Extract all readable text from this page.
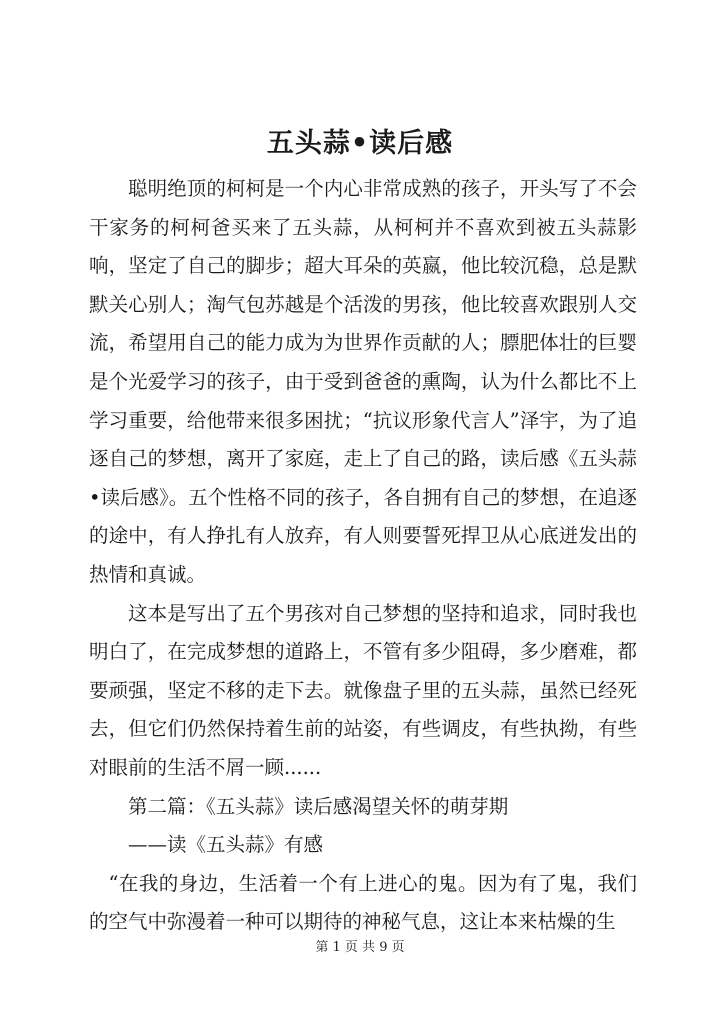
五头蒜•读后感

聪明绝顶的柯柯是一个内心非常成熟的孩子，开头写了不会干家务的柯柯爸买来了五头蒜，从柯柯并不喜欢到被五头蒜影响，坚定了自己的脚步；超大耳朵的英嬴，他比较沉稳，总是默默关心别人；淘气包苏越是个活泼的男孩，他比较喜欢跟别人交流，希望用自己的能力成为为世界作贡献的人；膘肥体壮的巨婴是个光爱学习的孩子，由于受到爸爸的熏陶，认为什么都比不上学习重要，给他带来很多困扰；“抗议形象代言人”泽宇，为了追逐自己的梦想，离开了家庭，走上了自己的路，读后感《五头蒜•读后感》。五个性格不同的孩子，各自拥有自己的梦想，在追逐的途中，有人挣扎有人放弃，有人则要誓死捍卫从心底迸发出的热情和真诚。

这本是写出了五个男孩对自己梦想的坚持和追求，同时我也明白了，在完成梦想的道路上，不管有多少阻碍，多少磨难，都要顽强，坚定不移的走下去。就像盘子里的五头蒜，虽然已经死去，但它们仍然保持着生前的站姿，有些调皮，有些执拗，有些对眼前的生活不屑一顾......

第二篇：《五头蒜》读后感渴望关怀的萌芽期

——读《五头蒜》有感

“在我的身边，生活着一个有上进心的鬼。因为有了鬼，我们的空气中弥漫着一种可以期待的神秘气息，这让本来枯燥的生

第 1 页 共 9 页
